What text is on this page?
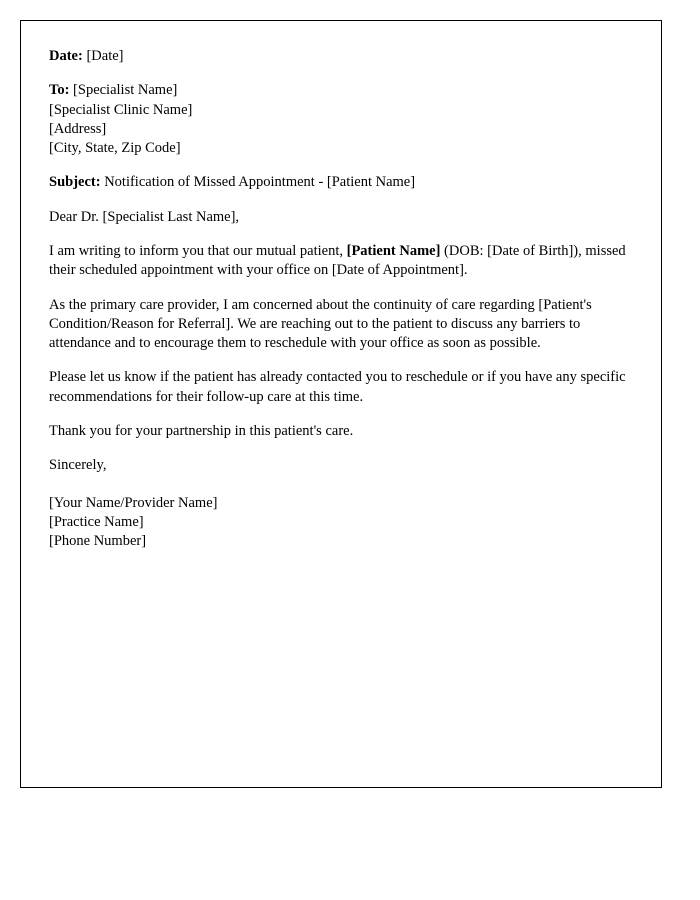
Date: [Date]
To: [Specialist Name]
[Specialist Clinic Name]
[Address]
[City, State, Zip Code]
Subject: Notification of Missed Appointment - [Patient Name]
Dear Dr. [Specialist Last Name],
I am writing to inform you that our mutual patient, [Patient Name] (DOB: [Date of Birth]), missed their scheduled appointment with your office on [Date of Appointment].
As the primary care provider, I am concerned about the continuity of care regarding [Patient's Condition/Reason for Referral]. We are reaching out to the patient to discuss any barriers to attendance and to encourage them to reschedule with your office as soon as possible.
Please let us know if the patient has already contacted you to reschedule or if you have any specific recommendations for their follow-up care at this time.
Thank you for your partnership in this patient's care.
Sincerely,
[Your Name/Provider Name]
[Practice Name]
[Phone Number]
